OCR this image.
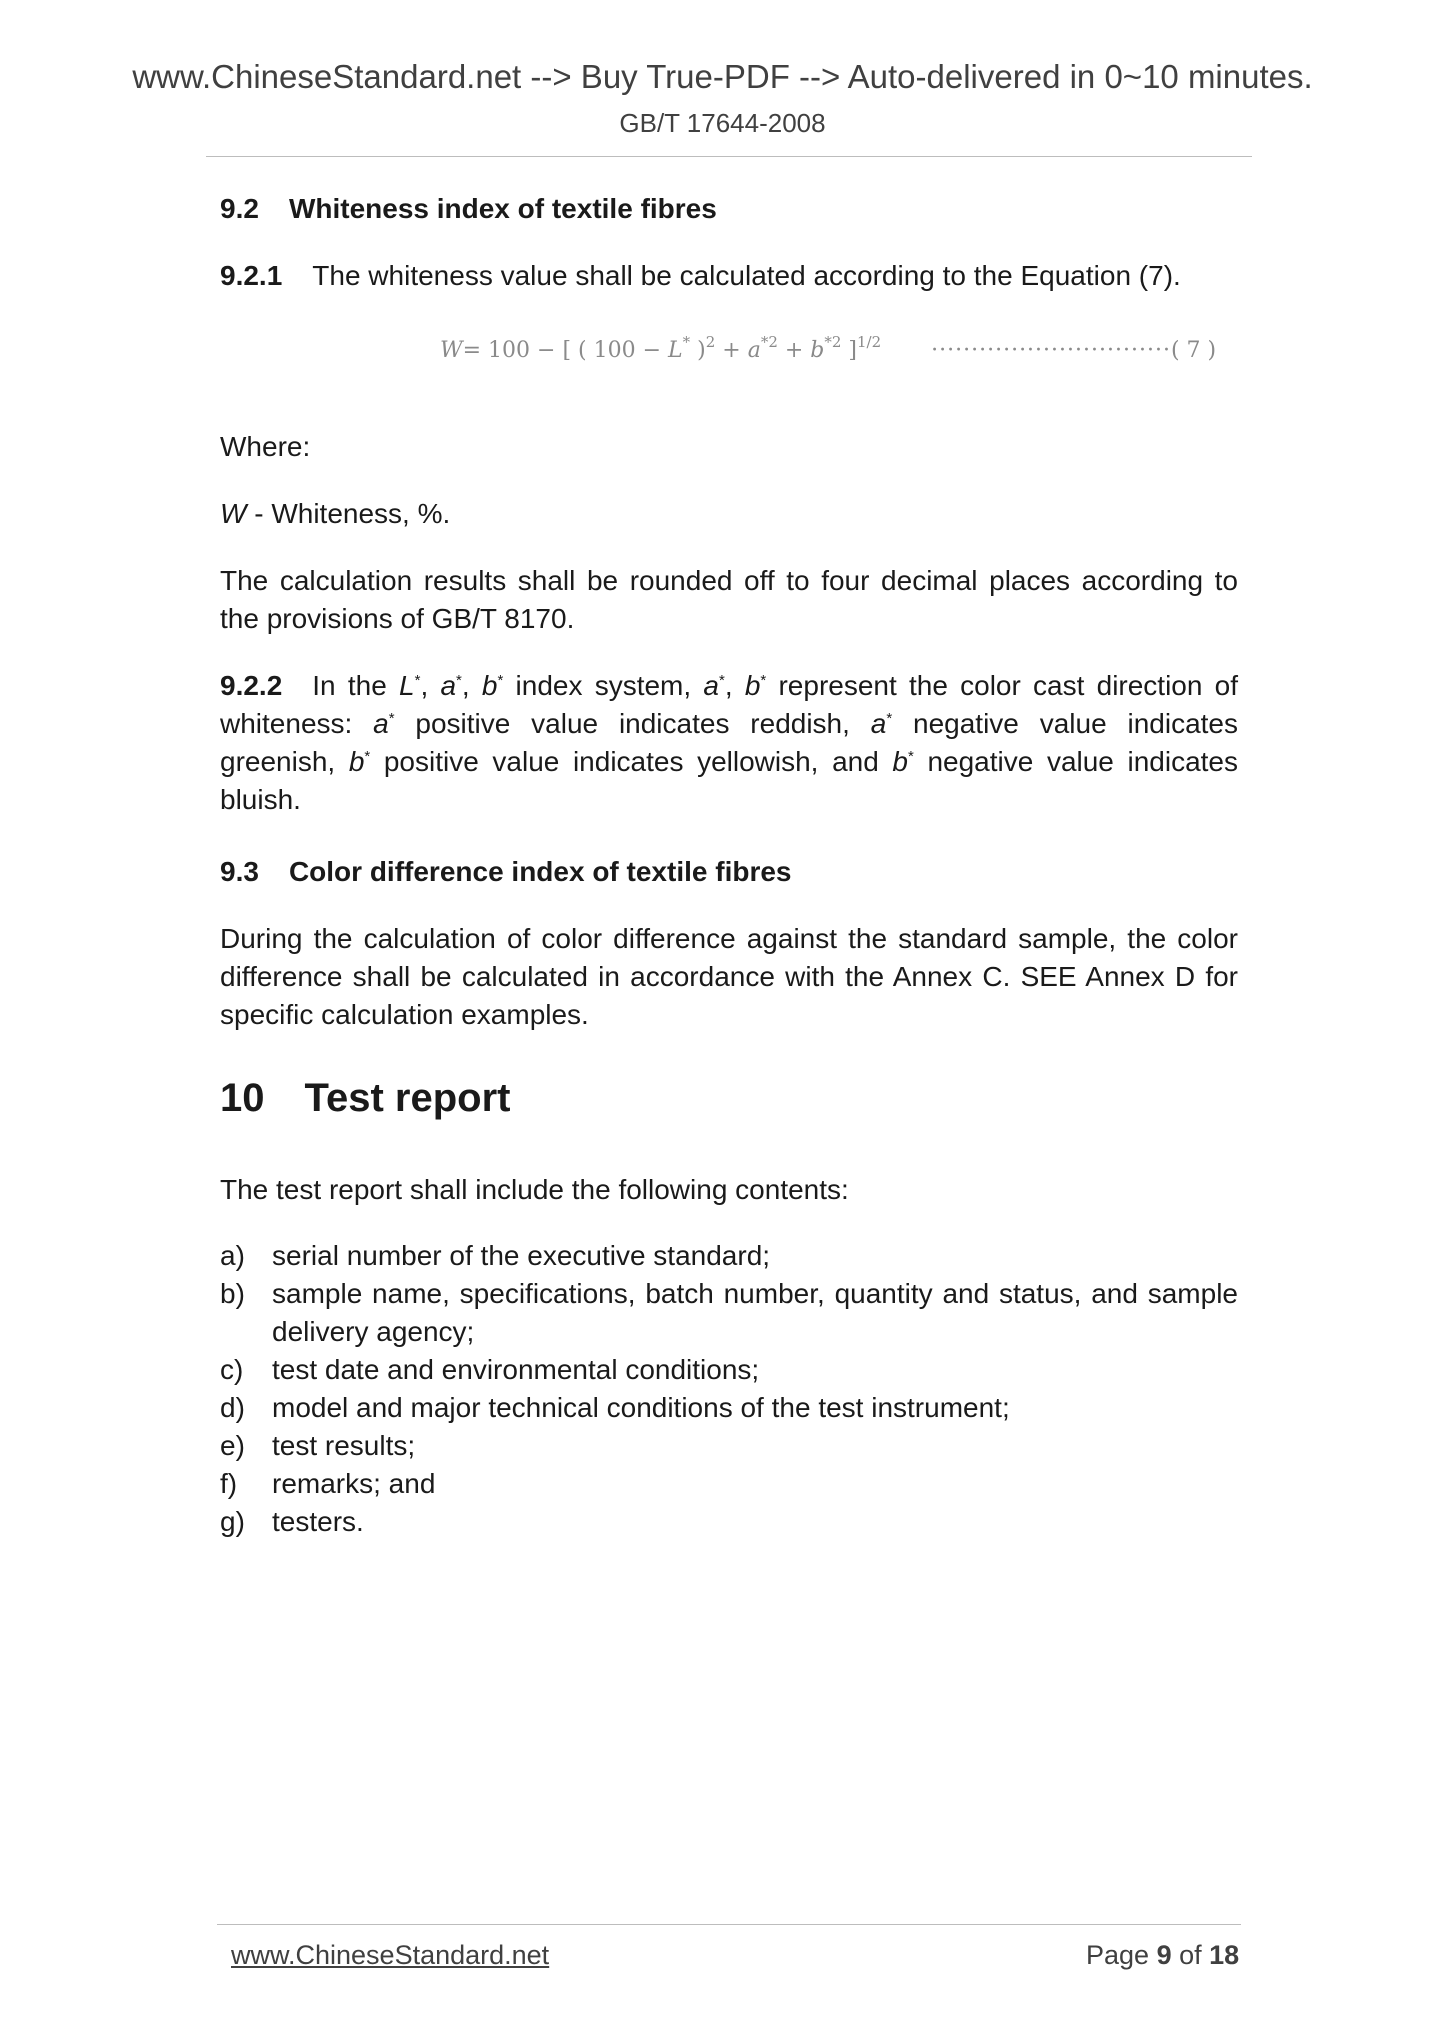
www.ChineseStandard.net --> Buy True-PDF --> Auto-delivered in 0~10 minutes.
GB/T 17644-2008

9.2 Whiteness index of textile fibres

9.2.1 The whiteness value shall be calculated according to the Equation (7).

W= 100 − [ ( 100 − L* )$^2 + a^{*2} + b^{*2}$ ]$^{1/2}$ ······························( 7 )

Where:

W - Whiteness, %.

The calculation results shall be rounded off to four decimal places according to the provisions of GB/T 8170.

9.2.2 In the L*, a*, b* index system, a*, b* represent the color cast direction of whiteness: a* positive value indicates reddish, a* negative value indicates greenish, b* positive value indicates yellowish, and b* negative value indicates bluish.

9.3 Color difference index of textile fibres

During the calculation of color difference against the standard sample, the color difference shall be calculated in accordance with the Annex C. SEE Annex D for specific calculation examples.

10 Test report

The test report shall include the following contents:

a) serial number of the executive standard;
b) sample name, specifications, batch number, quantity and status, and sample delivery agency;
c)	test date and environmental conditions;
d) model and major technical conditions of the test instrument;
e) test results;
f)	remarks; and
g) testers.
www.ChineseStandard.net	Page 9 of 18
